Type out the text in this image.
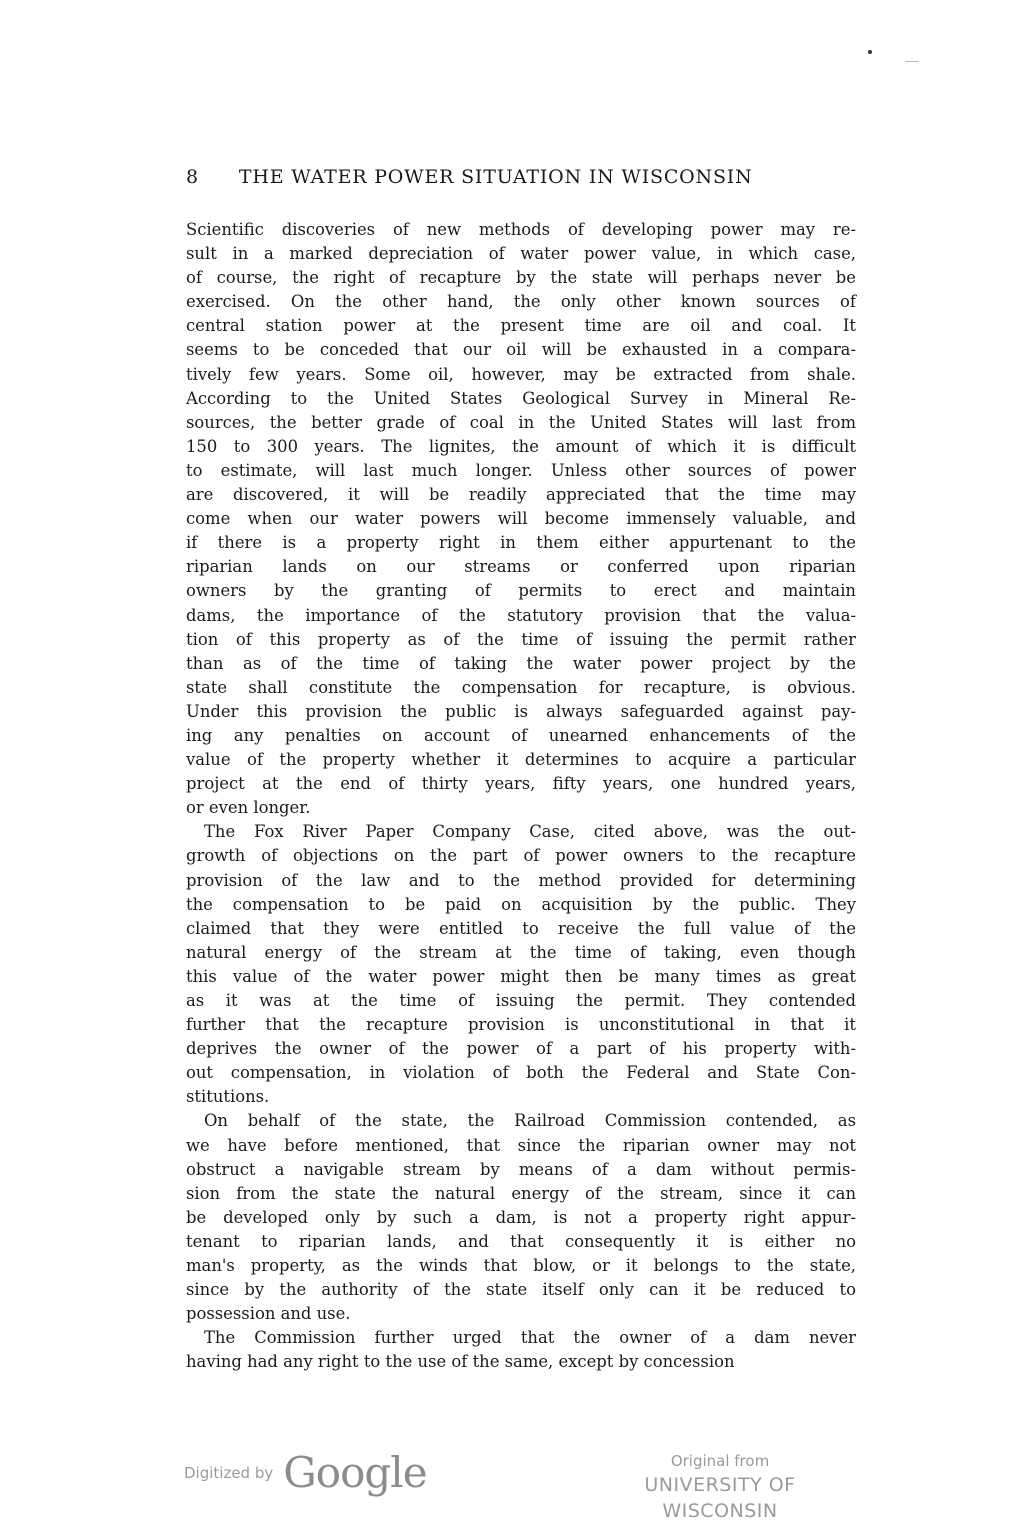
8 THE WATER POWER SITUATION IN WISCONSIN

Scientific discoveries of new methods of developing power may re-
sult in a marked depreciation of water power value, in which case,
of course, the right of recapture by the state will perhaps never be
exercised. On the other hand, the only other known sources of
central station power at the present time are oil and coal. It
seems to be conceded that our oil will be exhausted in a compara-
tively few years. Some oil, however, may be extracted from shale.
According to the United States Geological Survey in Mineral Re-
sources, the better grade of coal in the United States will last from
150 to 300 years. The lignites, the amount of which it is difficult
to estimate, will last much longer. Unless other sources of power
are discovered, it will be readily appreciated that the time may
come when our water powers will become immensely valuable, and
if there is a property right in them either appurtenant to the
riparian lands on our streams or conferred upon riparian
owners by the granting of permits to erect and maintain
dams, the importance of the statutory provision that the valua-
tion of this property as of the time of issuing the permit rather
than as of the time of taking the water power project by the
state shall constitute the compensation for recapture, is obvious.
Under this provision the public is always safeguarded against pay-
ing any penalties on account of unearned enhancements of the
value of the property whether it determines to acquire a particular
project at the end of thirty years, fifty years, one hundred years,
or even longer.

The Fox River Paper Company Case, cited above, was the out-
growth of objections on the part of power owners to the recapture
provision of the law and to the method provided for determining
the compensation to be paid on acquisition by the public. They
claimed that they were entitled to receive the full value of the
natural energy of the stream at the time of taking, even though
this value of the water power might then be many times as great
as it was at the time of issuing the permit. They contended
further that the recapture provision is unconstitutional in that it
deprives the owner of the power of a part of his property with-
out compensation, in violation of both the Federal and State Con-
stitutions.

On behalf of the state, the Railroad Commission contended, as
we have before mentioned, that since the riparian owner may not
obstruct a navigable stream by means of a dam without permis-
sion from the state the natural energy of the stream, since it can
be developed only by such a dam, is not a property right appur-
tenant to riparian lands, and that consequently it is either no
man's property, as the winds that blow, or it belongs to the state,
since by the authority of the state itself only can it be reduced to
possession and use.

The Commission further urged that the owner of a dam never
having had any right to the use of the same, except by concession

Digitized by Google	Original from
UNIVERSITY OF WISCONSIN
